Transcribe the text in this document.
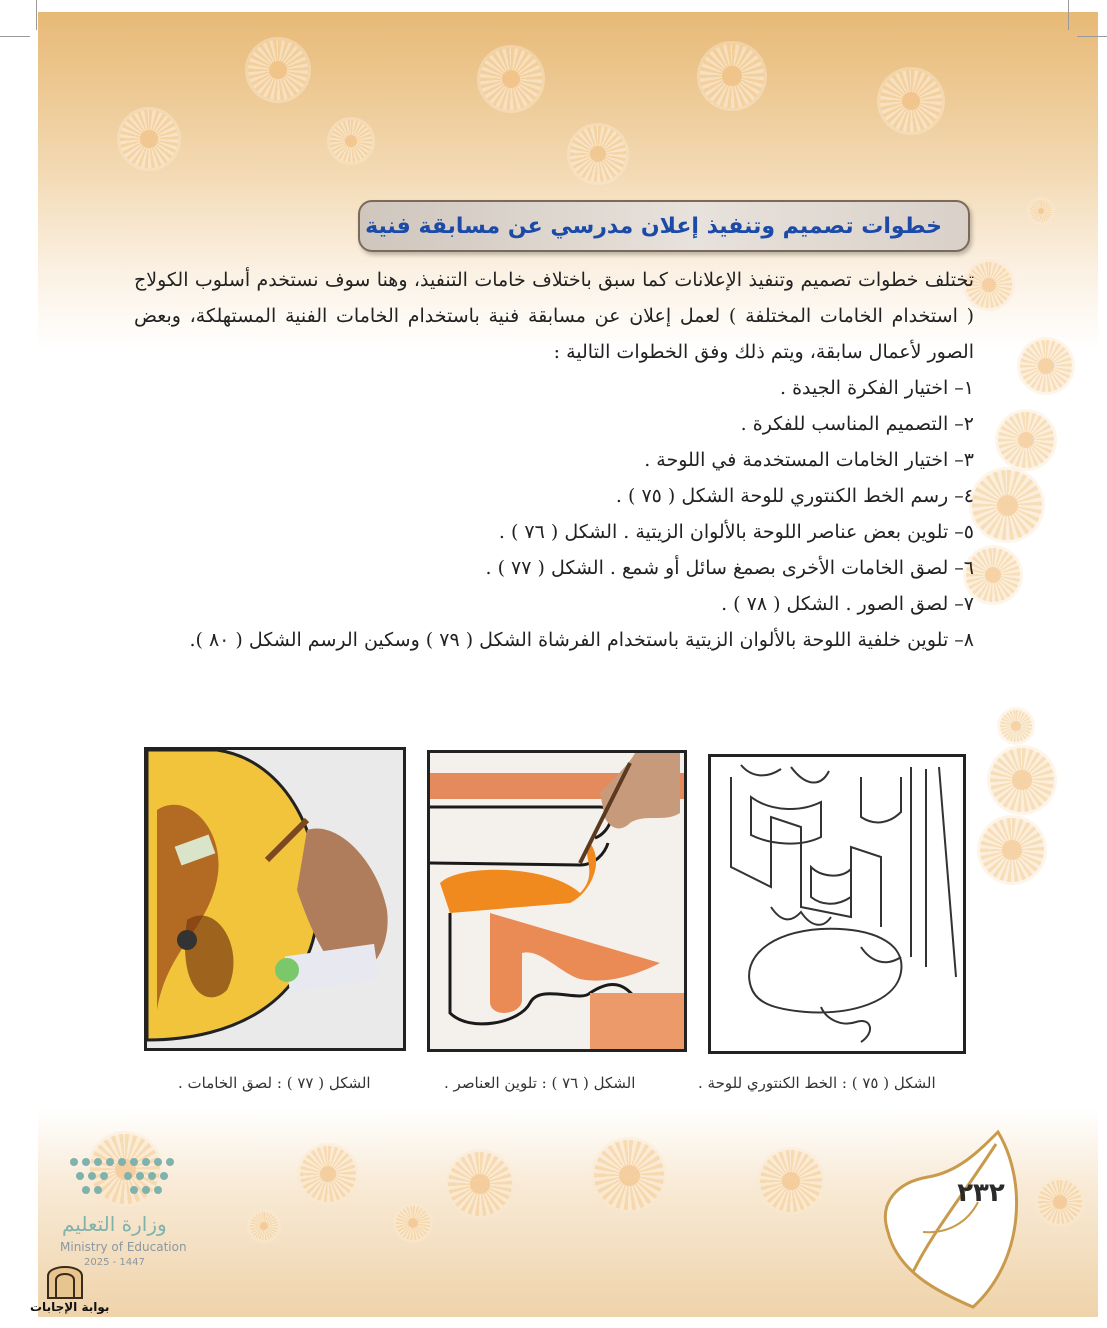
خطوات تصميم وتنفيذ إعلان مدرسي عن مسابقة فنية

تختلف خطوات تصميم وتنفيذ الإعلانات كما سبق باختلاف خامات التنفيذ، وهنا سوف نستخدم أسلوب الكولاج ( استخدام الخامات المختلفة ) لعمل إعلان عن مسابقة فنية باستخدام الخامات الفنية المستهلكة، وبعض الصور لأعمال سابقة، ويتم ذلك وفق الخطوات التالية :

١– اختيار الفكرة الجيدة .
٢– التصميم المناسب للفكرة .
٣– اختيار الخامات المستخدمة في اللوحة .
٤– رسم الخط الكنتوري للوحة الشكل ( ٧٥ ) .
٥– تلوين بعض عناصر اللوحة بالألوان الزيتية . الشكل ( ٧٦ ) .
٦– لصق الخامات الأخرى بصمغ سائل أو شمع . الشكل ( ٧٧ ) .
٧– لصق الصور . الشكل ( ٧٨ ) .
٨– تلوين خلفية اللوحة بالألوان الزيتية باستخدام الفرشاة الشكل ( ٧٩ ) وسكين الرسم الشكل ( ٨٠ ).
الشكل ( ٧٥ ) : الخط الكنتوري للوحة .
الشكل ( ٧٦ ) : تلوين العناصر .
الشكل ( ٧٧ ) : لصق الخامات .
٢٣٢
وزارة التعليم
Ministry of Education
2025 - 1447
بوابة الإجابات
